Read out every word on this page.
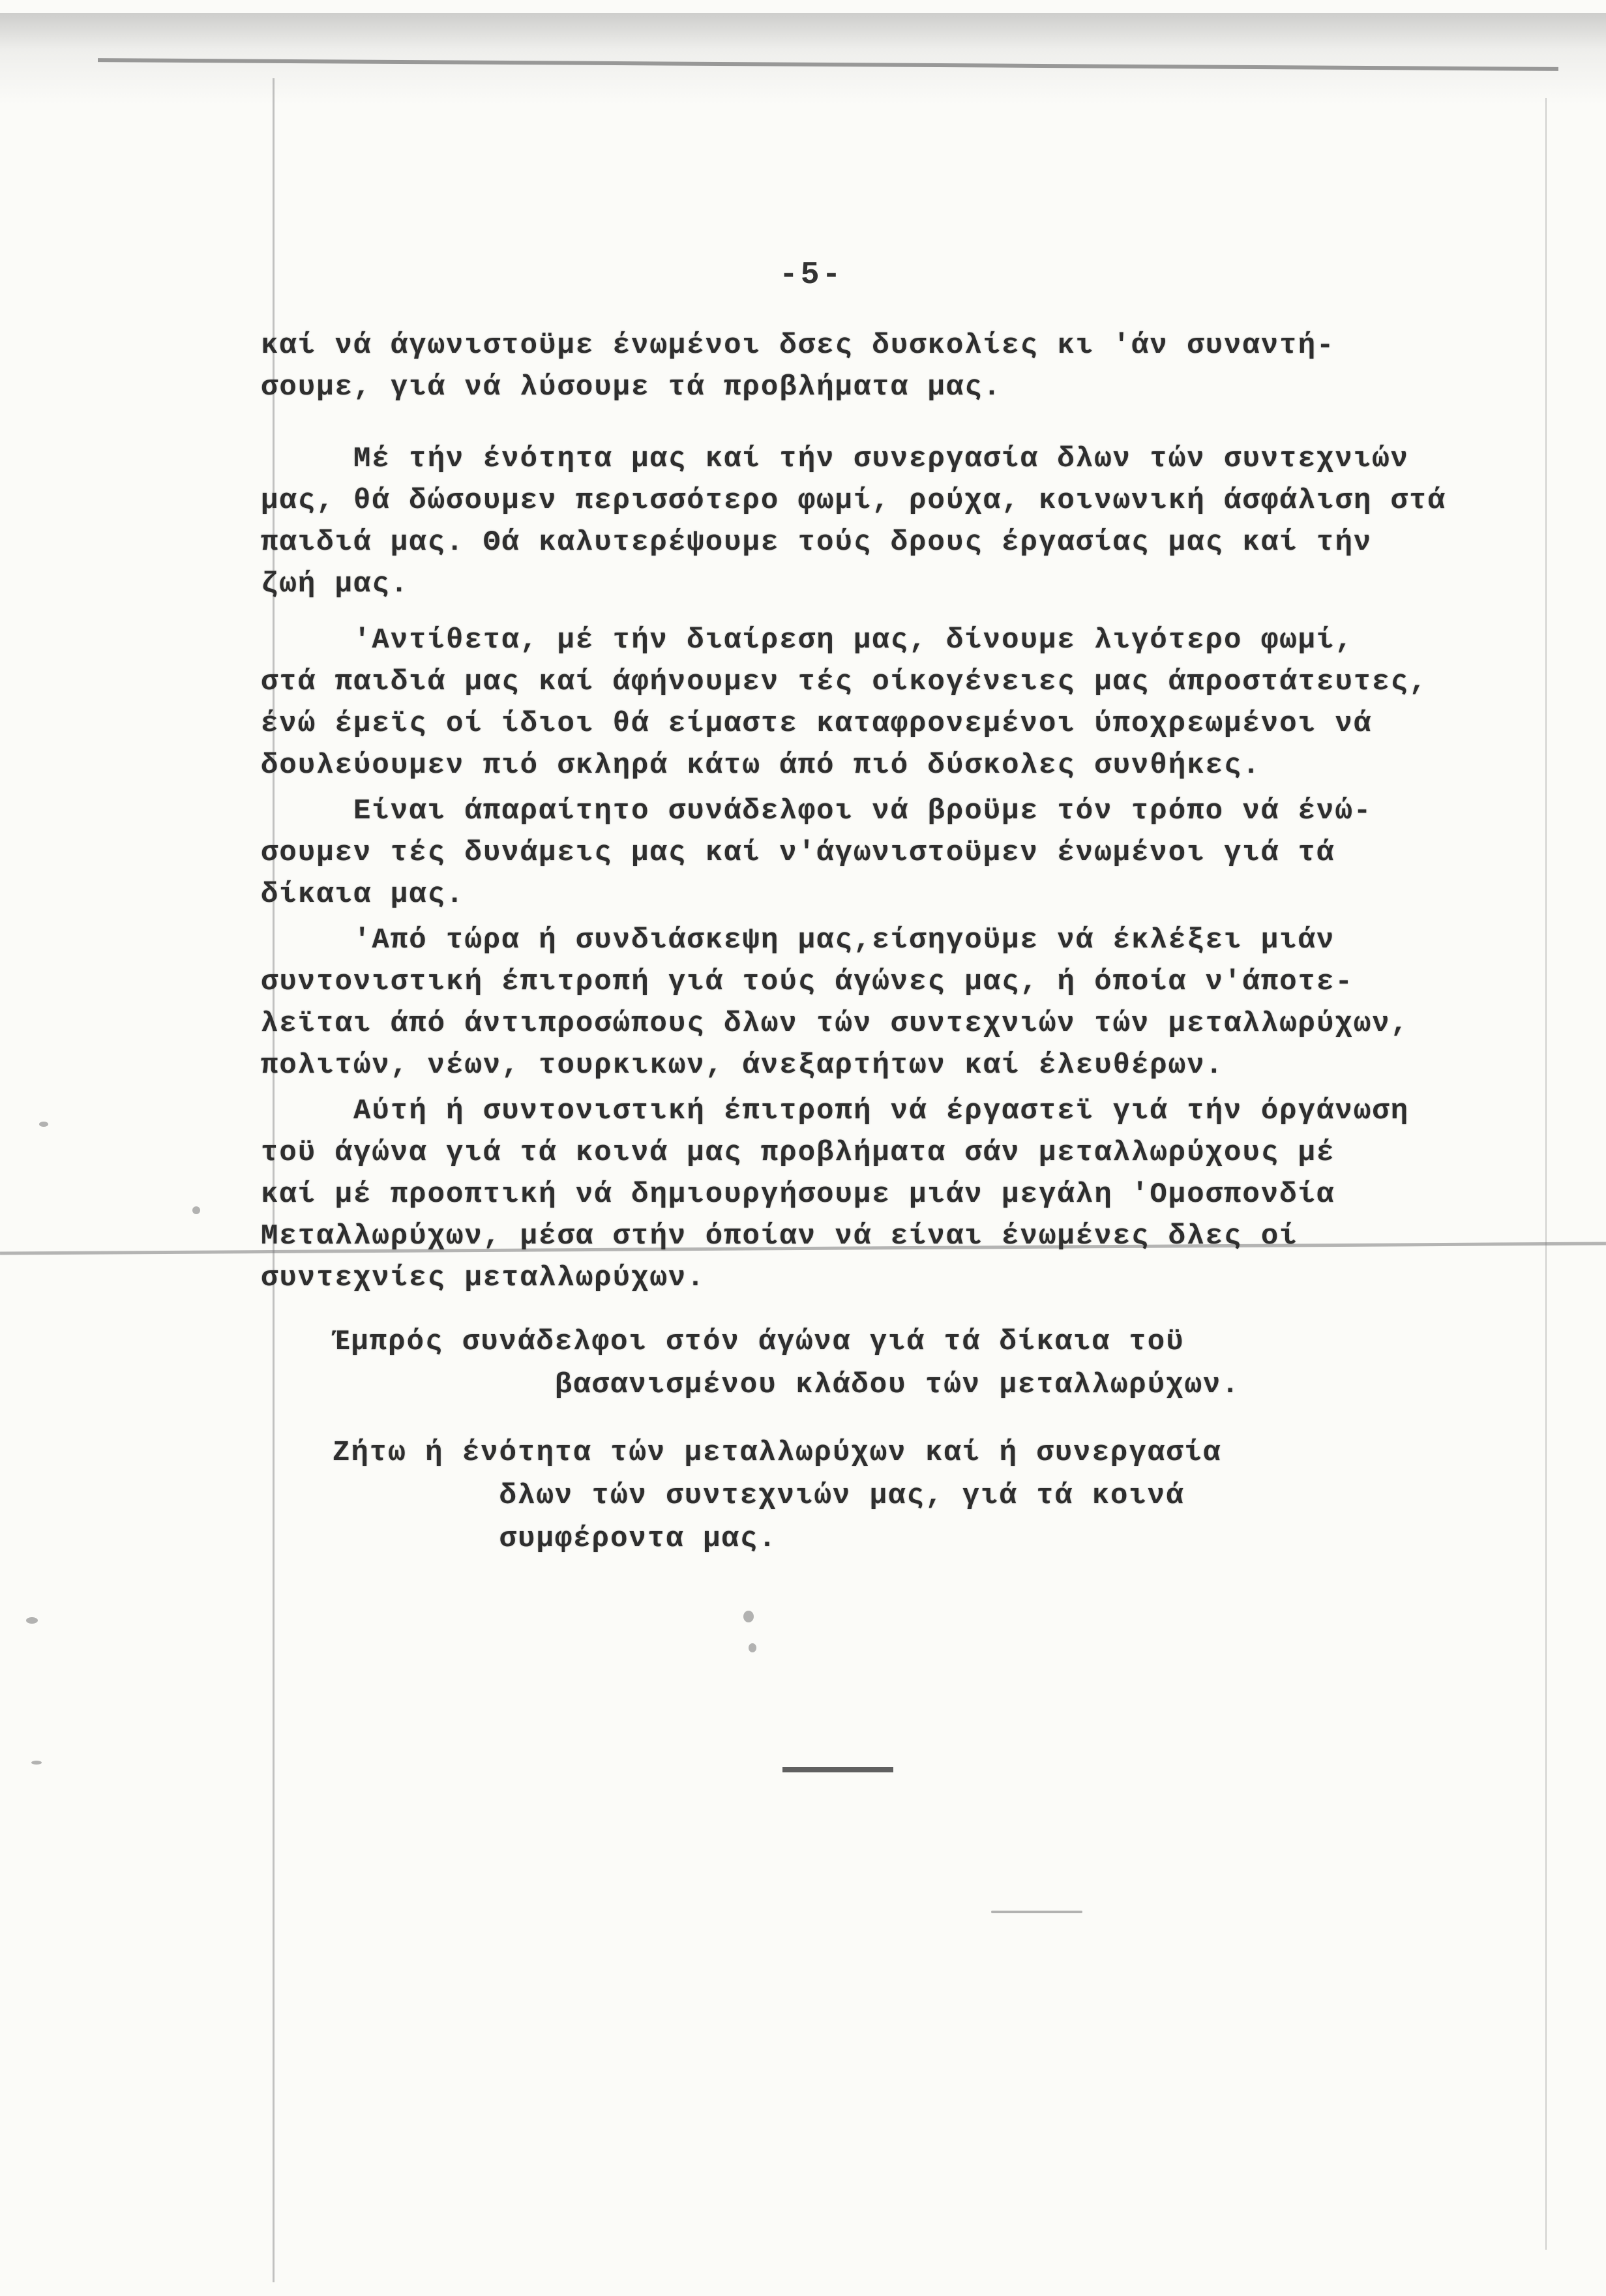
-5-

καί νά άγωνιστοϋμε ένωμένοι δσες δυσκολίες κι 'άν συναντή-
σουμε, γιά νά λύσουμε τά προβλήματα μας.

Μέ τήν ένότητα μας καί τήν συνεργασία δλων τών συντεχνιών
μας, θά δώσουμεν περισσότερο φωμί, ρούχα, κοινωνική άσφάλιση στά
παιδιά μας. Θά καλυτερέψουμε τούς δρους έργασίας μας καί τήν
ζωή μας.

'Αντίθετα, μέ τήν διαίρεση μας, δίνουμε λιγότερο φωμί,
στά παιδιά μας καί άφήνουμεν τές οίκογένειες μας άπροστάτευτες,
ένώ έμεϊς οί ίδιοι θά είμαστε καταφρονεμένοι ύποχρεωμένοι νά
δουλεύουμεν πιό σκληρά κάτω άπό πιό δύσκολες συνθήκες.

Είναι άπαραίτητο συνάδελφοι νά βροϋμε τόν τρόπο νά ένώ-
σουμεν τές δυνάμεις μας καί ν'άγωνιστοϋμεν ένωμένοι γιά τά
δίκαια μας.

'Από τώρα ή συνδιάσκεψη μας,είσηγοϋμε νά έκλέξει μιάν
συντονιστική έπιτροπή γιά τούς άγώνες μας, ή όποία ν'άποτε-
λεϊται άπό άντιπροσώπους δλων τών συντεχνιών τών μεταλλωρύχων,
πολιτών, νέων, τουρκικων, άνεξαρτήτων καί έλευθέρων.

Αύτή ή συντονιστική έπιτροπή νά έργαστεϊ γιά τήν όργάνωση
τοϋ άγώνα γιά τά κοινά μας προβλήματα σάν μεταλλωρύχους μέ
καί μέ προοπτική νά δημιουργήσουμε μιάν μεγάλη 'Ομοσπονδία
Μεταλλωρύχων, μέσα στήν όποίαν νά είναι ένωμένες δλες οί
συντεχνίες μεταλλωρύχων.

Έμπρός συνάδελφοι στόν άγώνα γιά τά δίκαια τοϋ
βασανισμένου κλάδου τών μεταλλωρύχων.

Ζήτω ή ένότητα τών μεταλλωρύχων καί ή συνεργασία
δλων τών συντεχνιών μας, γιά τά κοινά
συμφέροντα μας.
